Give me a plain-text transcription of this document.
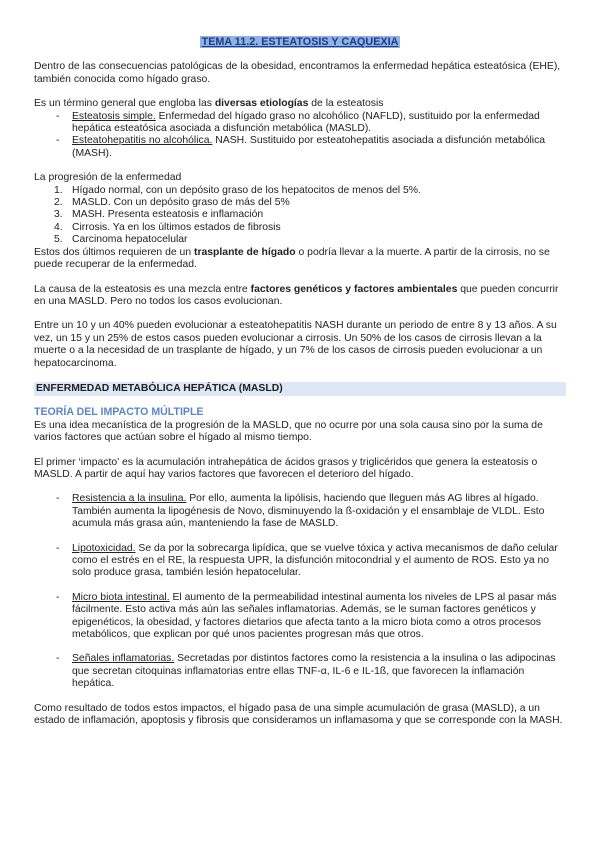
TEMA 11.2. ESTEATOSIS Y CAQUEXIA

Dentro de las consecuencias patológicas de la obesidad, encontramos la enfermedad hepática esteatósica (EHE), también conocida como hígado graso.

Es un término general que engloba las diversas etiologías de la esteatosis

- Esteatosis simple. Enfermedad del hígado graso no alcohólico (NAFLD), sustituido por la enfermedad hepática esteatósica asociada a disfunción metabólica (MASLD).
- Esteatohepatitis no alcohólica. NASH. Sustituido por esteatohepatitis asociada a disfunción metabólica (MASH).

La progresión de la enfermedad

1. Hígado normal, con un depósito graso de los hepatocitos de menos del 5%.
2. MASLD. Con un depósito graso de más del 5%
3. MASH. Presenta esteatosis e inflamación
4. Cirrosis. Ya en los últimos estados de fibrosis
5. Carcinoma hepatocelular

Estos dos últimos requieren de un trasplante de hígado o podría llevar a la muerte. A partir de la cirrosis, no se puede recuperar de la enfermedad.

La causa de la esteatosis es una mezcla entre factores genéticos y factores ambientales que pueden concurrir en una MASLD. Pero no todos los casos evolucionan.

Entre un 10 y un 40% pueden evolucionar a esteatohepatitis NASH durante un periodo de entre 8 y 13 años. A su vez, un 15 y un 25% de estos casos pueden evolucionar a cirrosis. Un 50% de los casos de cirrosis llevan a la muerte o a la necesidad de un trasplante de hígado, y un 7% de los casos de cirrosis pueden evolucionar a un hepatocarcinoma.

ENFERMEDAD METABÓLICA HEPÁTICA (MASLD)
TEORÍA DEL IMPACTO MÚLTIPLE

Es una idea mecanística de la progresión de la MASLD, que no ocurre por una sola causa sino por la suma de varios factores que actúan sobre el hígado al mismo tiempo.

El primer ‘impacto’ es la acumulación intrahepática de ácidos grasos y triglicéridos que genera la esteatosis o MASLD. A partir de aquí hay varios factores que favorecen el deterioro del hígado.

- Resistencia a la insulina. Por ello, aumenta la lipólisis, haciendo que lleguen más AG libres al hígado. También aumenta la lipogénesis de Novo, disminuyendo la ß-oxidación y el ensamblaje de VLDL. Esto acumula más grasa aún, manteniendo la fase de MASLD.
- Lipotoxicidad. Se da por la sobrecarga lipídica, que se vuelve tóxica y activa mecanismos de daño celular como el estrés en el RE, la respuesta UPR, la disfunción mitocondrial y el aumento de ROS. Esto ya no solo produce grasa, también lesión hepatocelular.
- Micro biota intestinal. El aumento de la permeabilidad intestinal aumenta los niveles de LPS al pasar más fácilmente. Esto activa más aún las señales inflamatorias. Además, se le suman factores genéticos y epigenéticos, la obesidad, y factores dietarios que afecta tanto a la micro biota como a otros procesos metabólicos, que explican por qué unos pacientes progresan más que otros.
- Señales inflamatorias. Secretadas por distintos factores como la resistencia a la insulina o las adipocinas que secretan citoquinas inflamatorias entre ellas TNF-α, IL-6 e IL-1ß, que favorecen la inflamación hepática.

Como resultado de todos estos impactos, el hígado pasa de una simple acumulación de grasa (MASLD), a un estado de inflamación, apoptosis y fibrosis que consideramos un inflamasoma y que se corresponde con la MASH.
